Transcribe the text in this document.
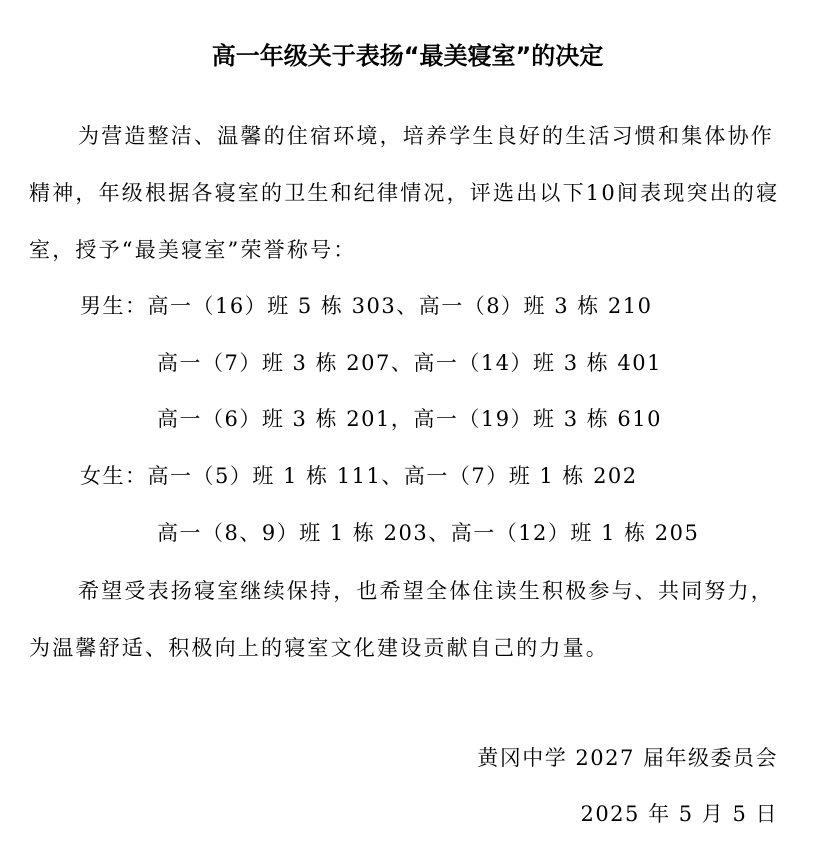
高一年级关于表扬“最美寝室”的决定
为营造整洁、温馨的住宿环境，培养学生良好的生活习惯和集体协作精神，年级根据各寝室的卫生和纪律情况，评选出以下10间表现突出的寝室，授予“最美寝室”荣誉称号：
男生：高一（16）班 5 栋 303、高一（8）班 3 栋 210
高一（7）班 3 栋 207、高一（14）班 3 栋 401
高一（6）班 3 栋 201，高一（19）班 3 栋 610
女生：高一（5）班 1 栋 111、高一（7）班 1 栋 202
高一（8、9）班 1 栋 203、高一（12）班 1 栋 205
希望受表扬寝室继续保持，也希望全体住读生积极参与、共同努力，为温馨舒适、积极向上的寝室文化建设贡献自己的力量。
黄冈中学 2027 届年级委员会
2025 年 5 月 5 日
